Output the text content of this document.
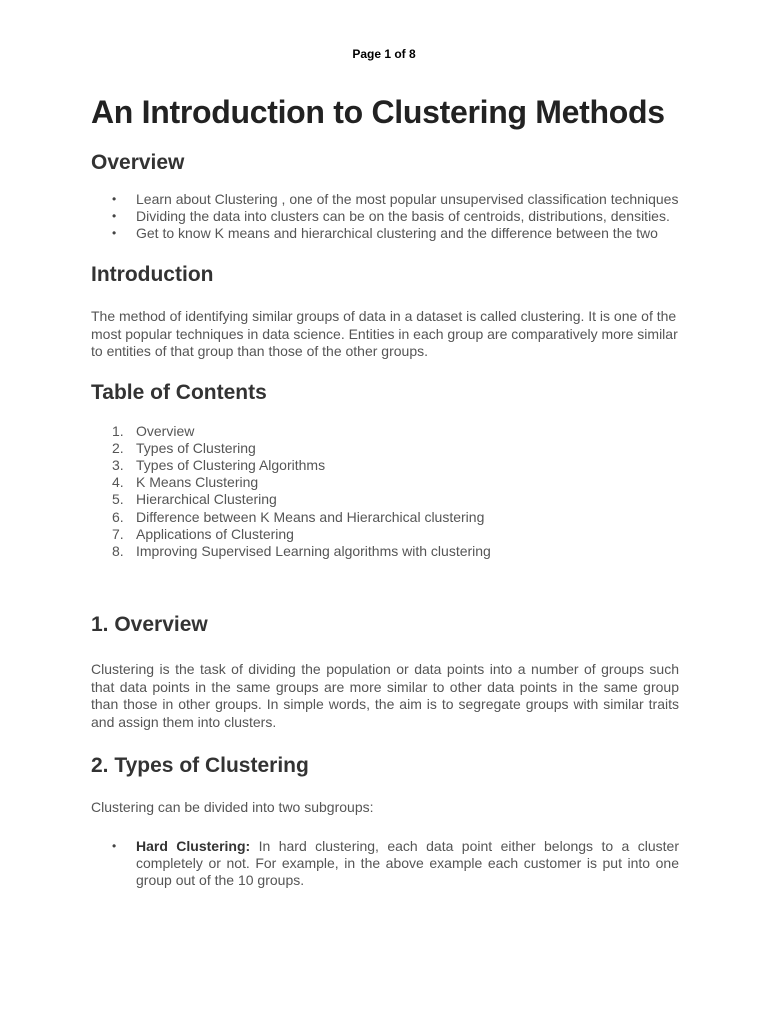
Page 1 of 8
An Introduction to Clustering Methods
Overview
• Learn about Clustering , one of the most popular unsupervised classification techniques
• Dividing the data into clusters can be on the basis of centroids, distributions, densities.
• Get to know K means and hierarchical clustering and the difference between the two
Introduction

The method of identifying similar groups of data in a dataset is called clustering. It is one of the most popular techniques in data science. Entities in each group are comparatively more similar to entities of that group than those of the other groups.

Table of Contents
1. Overview
2. Types of Clustering
3. Types of Clustering Algorithms
4. K Means Clustering
5. Hierarchical Clustering
6. Difference between K Means and Hierarchical clustering
7. Applications of Clustering
8. Improving Supervised Learning algorithms with clustering
1. Overview

Clustering is the task of dividing the population or data points into a number of groups such that data points in the same groups are more similar to other data points in the same group than those in other groups. In simple words, the aim is to segregate groups with similar traits and assign them into clusters.

2. Types of Clustering

Clustering can be divided into two subgroups:

• Hard Clustering: In hard clustering, each data point either belongs to a cluster completely or not. For example, in the above example each customer is put into one group out of the 10 groups.
